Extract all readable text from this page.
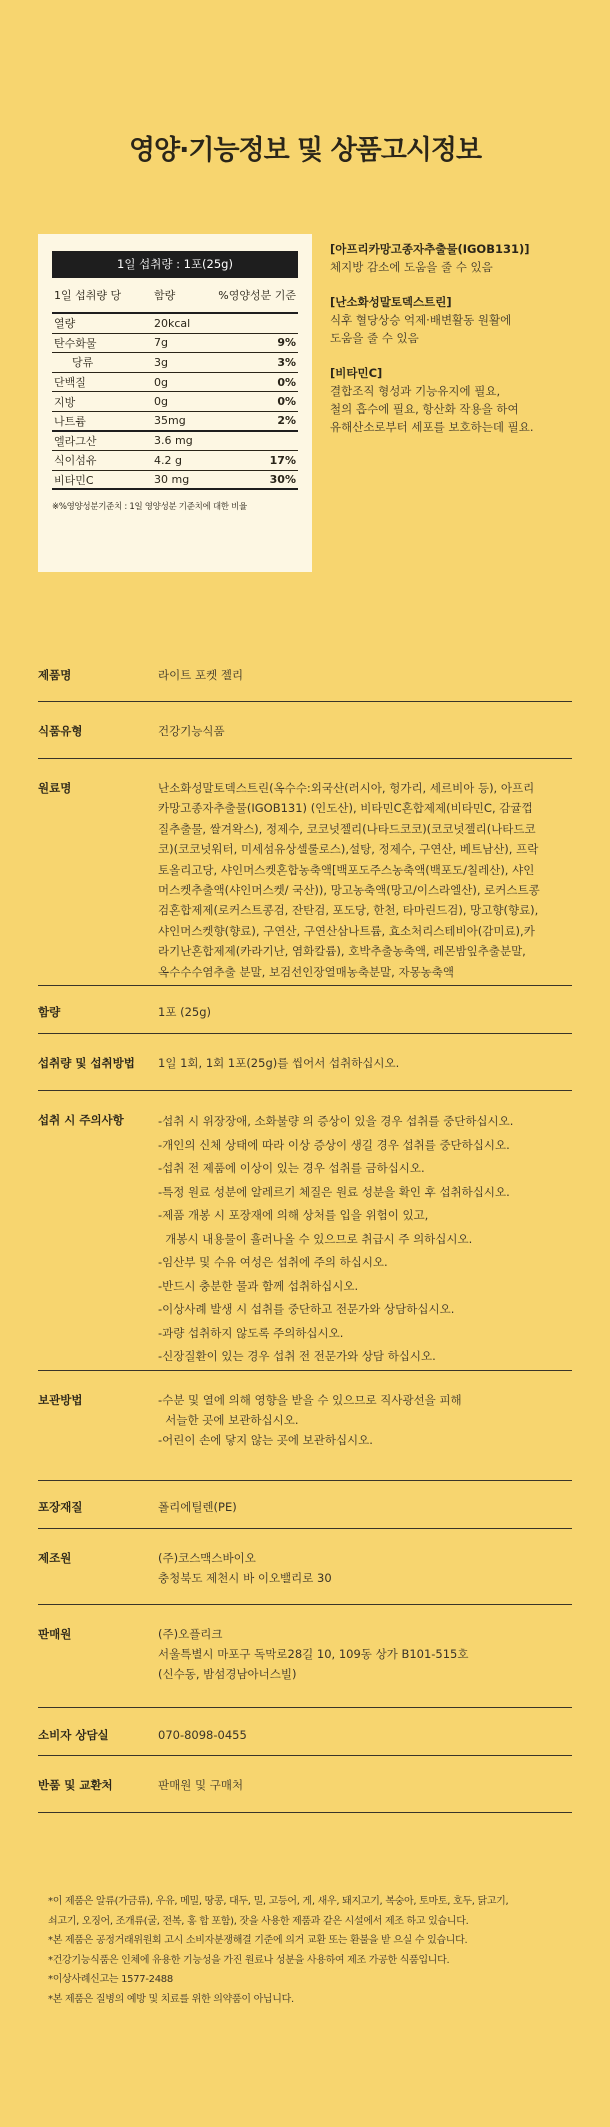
영양·기능정보 및 상품고시정보
1일 섭취량 : 1포(25g)
1일 섭취량 당	함량	%영양성분 기준
열량	20kcal
탄수화물	7g	9%
당류	3g	3%
단백질	0g	0%
지방	0g	0%
나트륨	35mg	2%
엘라그산	3.6 mg
식이섬유	4.2 g	17%
비타민C	30 mg	30%
※%영양성분기준치 : 1일 영양성분 기준치에 대한 비율
[아프리카망고종자추출물(IGOB131)]
체지방 감소에 도움을 줄 수 있음
[난소화성말토덱스트린]
식후 혈당상승 억제·배변활동 원활에
도움을 줄 수 있음
[비타민C]
결합조직 형성과 기능유지에 필요,
철의 흡수에 필요, 항산화 작용을 하여
유해산소로부터 세포를 보호하는데 필요.
제품명	라이트 포켓 젤리
식품유형	건강기능식품
원료명	난소화성말토덱스트린(옥수수:외국산(러시아, 헝가리, 세르비아 등), 아프리
카망고종자추출물(IGOB131) (인도산), 비타민C혼합제제(비타민C, 감귤껍
질추출물, 쌀겨왁스), 정제수, 코코넛젤리(나타드코코)(코코넛젤리(나타드코
코)(코코넛워터, 미세섬유상셀룰로스),설탕, 정제수, 구연산, 베트남산), 프락
토올리고당, 샤인머스켓혼합농축액[백포도주스농축액(백포도/칠레산), 샤인
머스켓추출액(샤인머스켓/ 국산)), 망고농축액(망고/이스라엘산), 로커스트콩
검혼합제제(로커스트콩검, 잔탄검, 포도당, 한천, 타마린드검), 망고향(향료),
샤인머스켓향(향료), 구연산, 구연산삼나트륨, 효소처리스테비아(감미료),카
라기난혼합제제(카라기난, 염화칼륨), 호박추출농축액, 레몬밤잎추출분말,
옥수수수염추출 분말, 보검선인장열매농축분말, 자몽농축액
함량	1포 (25g)
섭취량 및 섭취방법	1일 1회, 1회 1포(25g)를 씹어서 섭취하십시오.
섭취 시 주의사항	-섭취 시 위장장애, 소화불량 의 증상이 있을 경우 섭취를 중단하십시오.
-개인의 신체 상태에 따라 이상 증상이 생길 경우 섭취를 중단하십시오.
-섭취 전 제품에 이상이 있는 경우 섭취를 금하십시오.
-특정 원료 성분에 알레르기 체질은 원료 성분을 확인 후 섭취하십시오.
-제품 개봉 시 포장재에 의해 상처를 입을 위험이 있고,
개봉시 내용물이 흘러나올 수 있으므로 취급시 주 의하십시오.
-임산부 및 수유 여성은 섭취에 주의 하십시오.
-반드시 충분한 물과 함께 섭취하십시오.
-이상사례 발생 시 섭취를 중단하고 전문가와 상담하십시오.
-과량 섭취하지 않도록 주의하십시오.
-신장질환이 있는 경우 섭취 전 전문가와 상담 하십시오.
보관방법	-수분 및 열에 의해 영향을 받을 수 있으므로 직사광선을 피해
서늘한 곳에 보관하십시오.
-어린이 손에 닿지 않는 곳에 보관하십시오.
포장재질	폴리에틸렌(PE)
제조원	(주)코스맥스바이오
충청북도 제천시 바 이오밸리로 30
판매원	(주)오플리크
서울특별시 마포구 독막로28길 10, 109동 상가 B101-515호
(신수동, 밤섬경남아너스빌)
소비자 상담실	070-8098-0455
반품 및 교환처	판매원 및 구매처
*이 제품은 알류(가금류), 우유, 메밀, 땅콩, 대두, 밀, 고등어, 게, 새우, 돼지고기, 복숭아, 토마토, 호두, 닭고기,
쇠고기, 오징어, 조개류(굴, 전복, 홍 합 포함), 잣을 사용한 제품과 같은 시설에서 제조 하고 있습니다.
*본 제품은 공정거래위원회 고시 소비자분쟁해결 기준에 의거 교환 또는 환불을 받 으실 수 있습니다.
*건강기능식품은 인체에 유용한 기능성을 가진 원료나 성분을 사용하여 제조 가공한 식품입니다.
*이상사례신고는 1577-2488
*본 제품은 질병의 예방 및 치료를 위한 의약품이 아닙니다.
